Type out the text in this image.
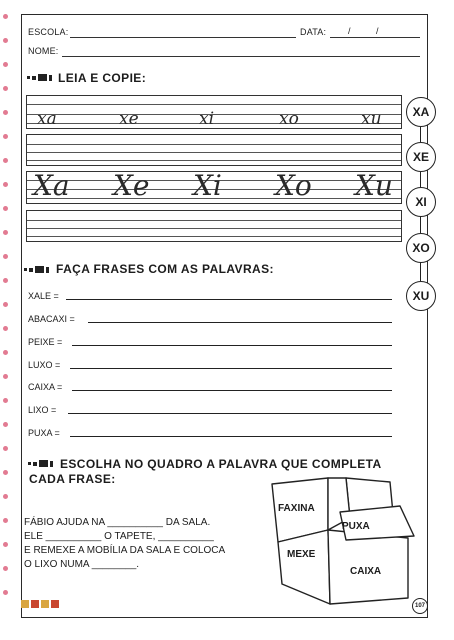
ESCOLA:	DATA: /	/
NOME:
LEIA E COPIE:
xa	xe	xi	xo	xu
Xa Xe Xi Xo Xu
XA
XE
XI
XO
XU
FAÇA FRASES COM AS PALAVRAS:
XALE =
ABACAXI =
PEIXE =
LUXO =
CAIXA =
LIXO =
PUXA =
ESCOLHA NO QUADRO A PALAVRA QUE COMPLETA
CADA FRASE:
FÁBIO AJUDA NA __________ DA SALA.
ELE __________ O TAPETE, __________
E REMEXE A MOBÍLIA DA SALA E COLOCA
O LIXO NUMA ________.
FAXINA
PUXA
MEXE
CAIXA
107
